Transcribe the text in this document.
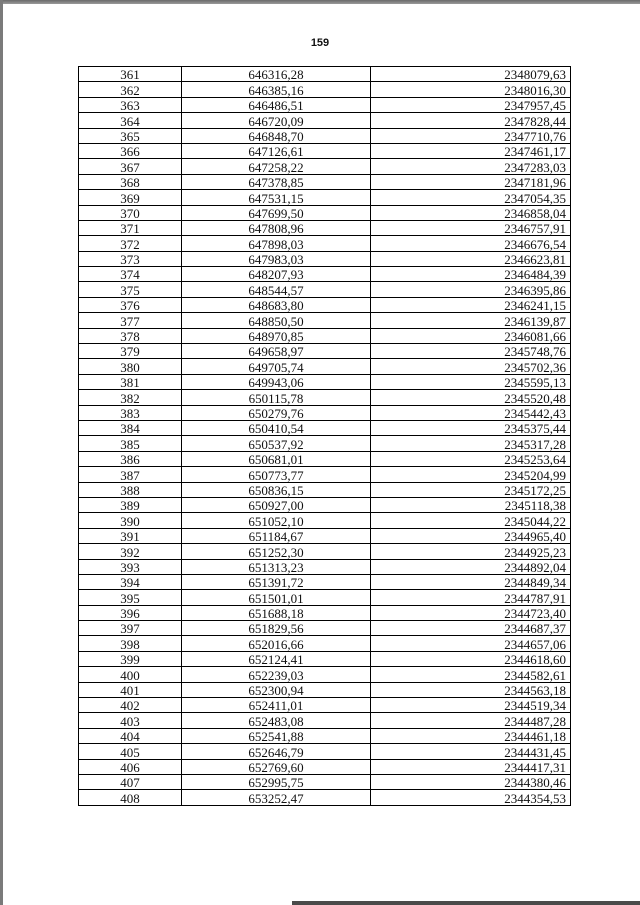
159
361	646316,28	2348079,63
362	646385,16	2348016,30
363	646486,51	2347957,45
364	646720,09	2347828,44
365	646848,70	2347710,76
366	647126,61	2347461,17
367	647258,22	2347283,03
368	647378,85	2347181,96
369	647531,15	2347054,35
370	647699,50	2346858,04
371	647808,96	2346757,91
372	647898,03	2346676,54
373	647983,03	2346623,81
374	648207,93	2346484,39
375	648544,57	2346395,86
376	648683,80	2346241,15
377	648850,50	2346139,87
378	648970,85	2346081,66
379	649658,97	2345748,76
380	649705,74	2345702,36
381	649943,06	2345595,13
382	650115,78	2345520,48
383	650279,76	2345442,43
384	650410,54	2345375,44
385	650537,92	2345317,28
386	650681,01	2345253,64
387	650773,77	2345204,99
388	650836,15	2345172,25
389	650927,00	2345118,38
390	651052,10	2345044,22
391	651184,67	2344965,40
392	651252,30	2344925,23
393	651313,23	2344892,04
394	651391,72	2344849,34
395	651501,01	2344787,91
396	651688,18	2344723,40
397	651829,56	2344687,37
398	652016,66	2344657,06
399	652124,41	2344618,60
400	652239,03	2344582,61
401	652300,94	2344563,18
402	652411,01	2344519,34
403	652483,08	2344487,28
404	652541,88	2344461,18
405	652646,79	2344431,45
406	652769,60	2344417,31
407	652995,75	2344380,46
408	653252,47	2344354,53
